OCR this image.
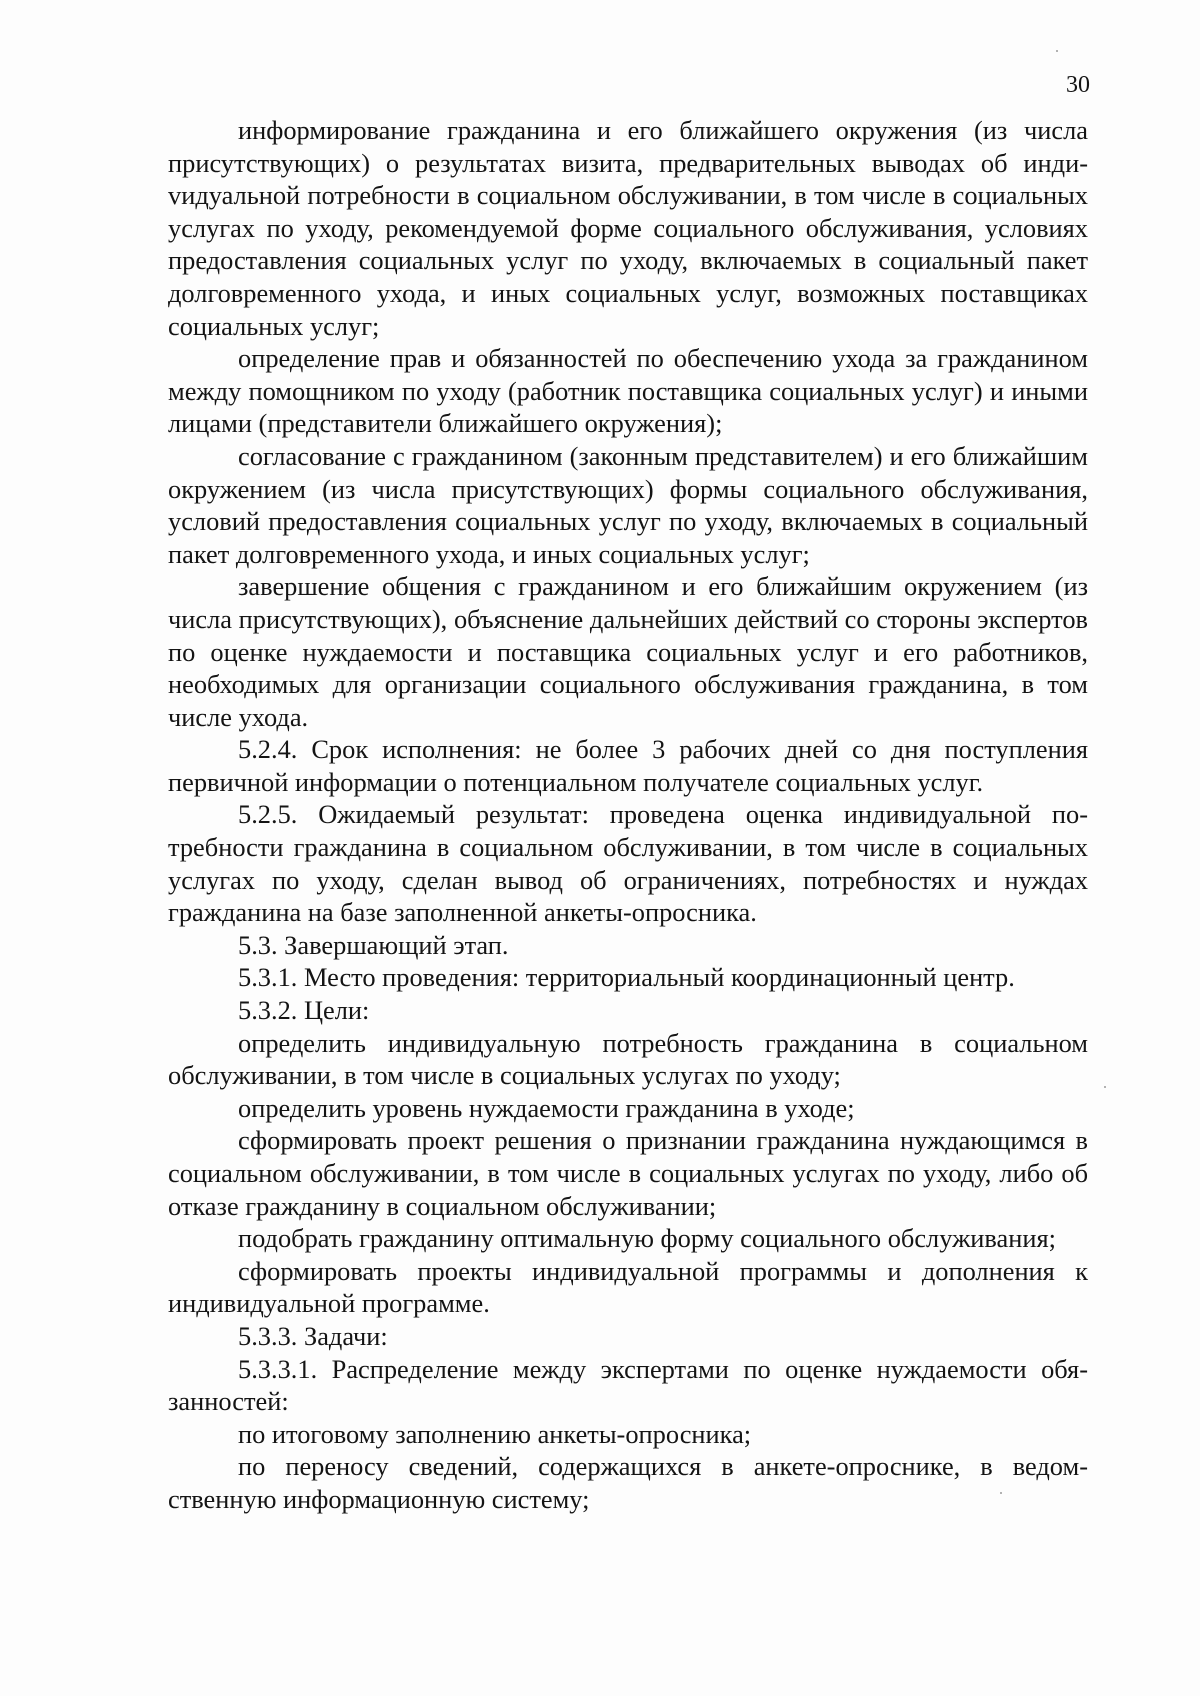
30

информирование гражданина и его ближайшего окружения (из числа присутствующих) о результатах визита, предварительных выводах об индиvидуальной потребности в социальном обслуживании, в том числе в социальных услугах по уходу, рекомендуемой форме социального обслуживания, условиях предоставления социальных услуг по уходу, включаемых в социальный пакет долговременного ухода, и иных социальных услуг, возможных поставщиках социальных услуг;

определение прав и обязанностей по обеспечению ухода за гражданином между помощником по уходу (работник поставщика социальных услуг) и иными лицами (представители ближайшего окружения);

согласование с гражданином (законным представителем) и его ближайшим окружением (из числа присутствующих) формы социального обслуживания, условий предоставления социальных услуг по уходу, включаемых в социальный пакет долговременного ухода, и иных социальных услуг;

завершение общения с гражданином и его ближайшим окружением (из числа присутствующих), объяснение дальнейших действий со стороны экспертов по оценке нуждаемости и поставщика социальных услуг и его работников, необходимых для организации социального обслуживания гражданина, в том числе ухода.

5.2.4. Срок исполнения: не более 3 рабочих дней со дня поступления первичной информации о потенциальном получателе социальных услуг.

5.2.5. Ожидаемый результат: проведена оценка индивидуальной потребности гражданина в социальном обслуживании, в том числе в социальных услугах по уходу, сделан вывод об ограничениях, потребностях и нуждах гражданина на базе заполненной анкеты-опросника.

5.3. Завершающий этап.

5.3.1. Место проведения: территориальный координационный центр.

5.3.2. Цели:

определить индивидуальную потребность гражданина в социальном обслуживании, в том числе в социальных услугах по уходу;

определить уровень нуждаемости гражданина в уходе;

сформировать проект решения о признании гражданина нуждающимся в социальном обслуживании, в том числе в социальных услугах по уходу, либо об отказе гражданину в социальном обслуживании;

подобрать гражданину оптимальную форму социального обслуживания;

сформировать проекты индивидуальной программы и дополнения к индивидуальной программе.

5.3.3. Задачи:

5.3.3.1. Распределение между экспертами по оценке нуждаемости обязанностей:

по итоговому заполнению анкеты-опросника;

по переносу сведений, содержащихся в анкете-опроснике, в ведомственную информационную систему;
